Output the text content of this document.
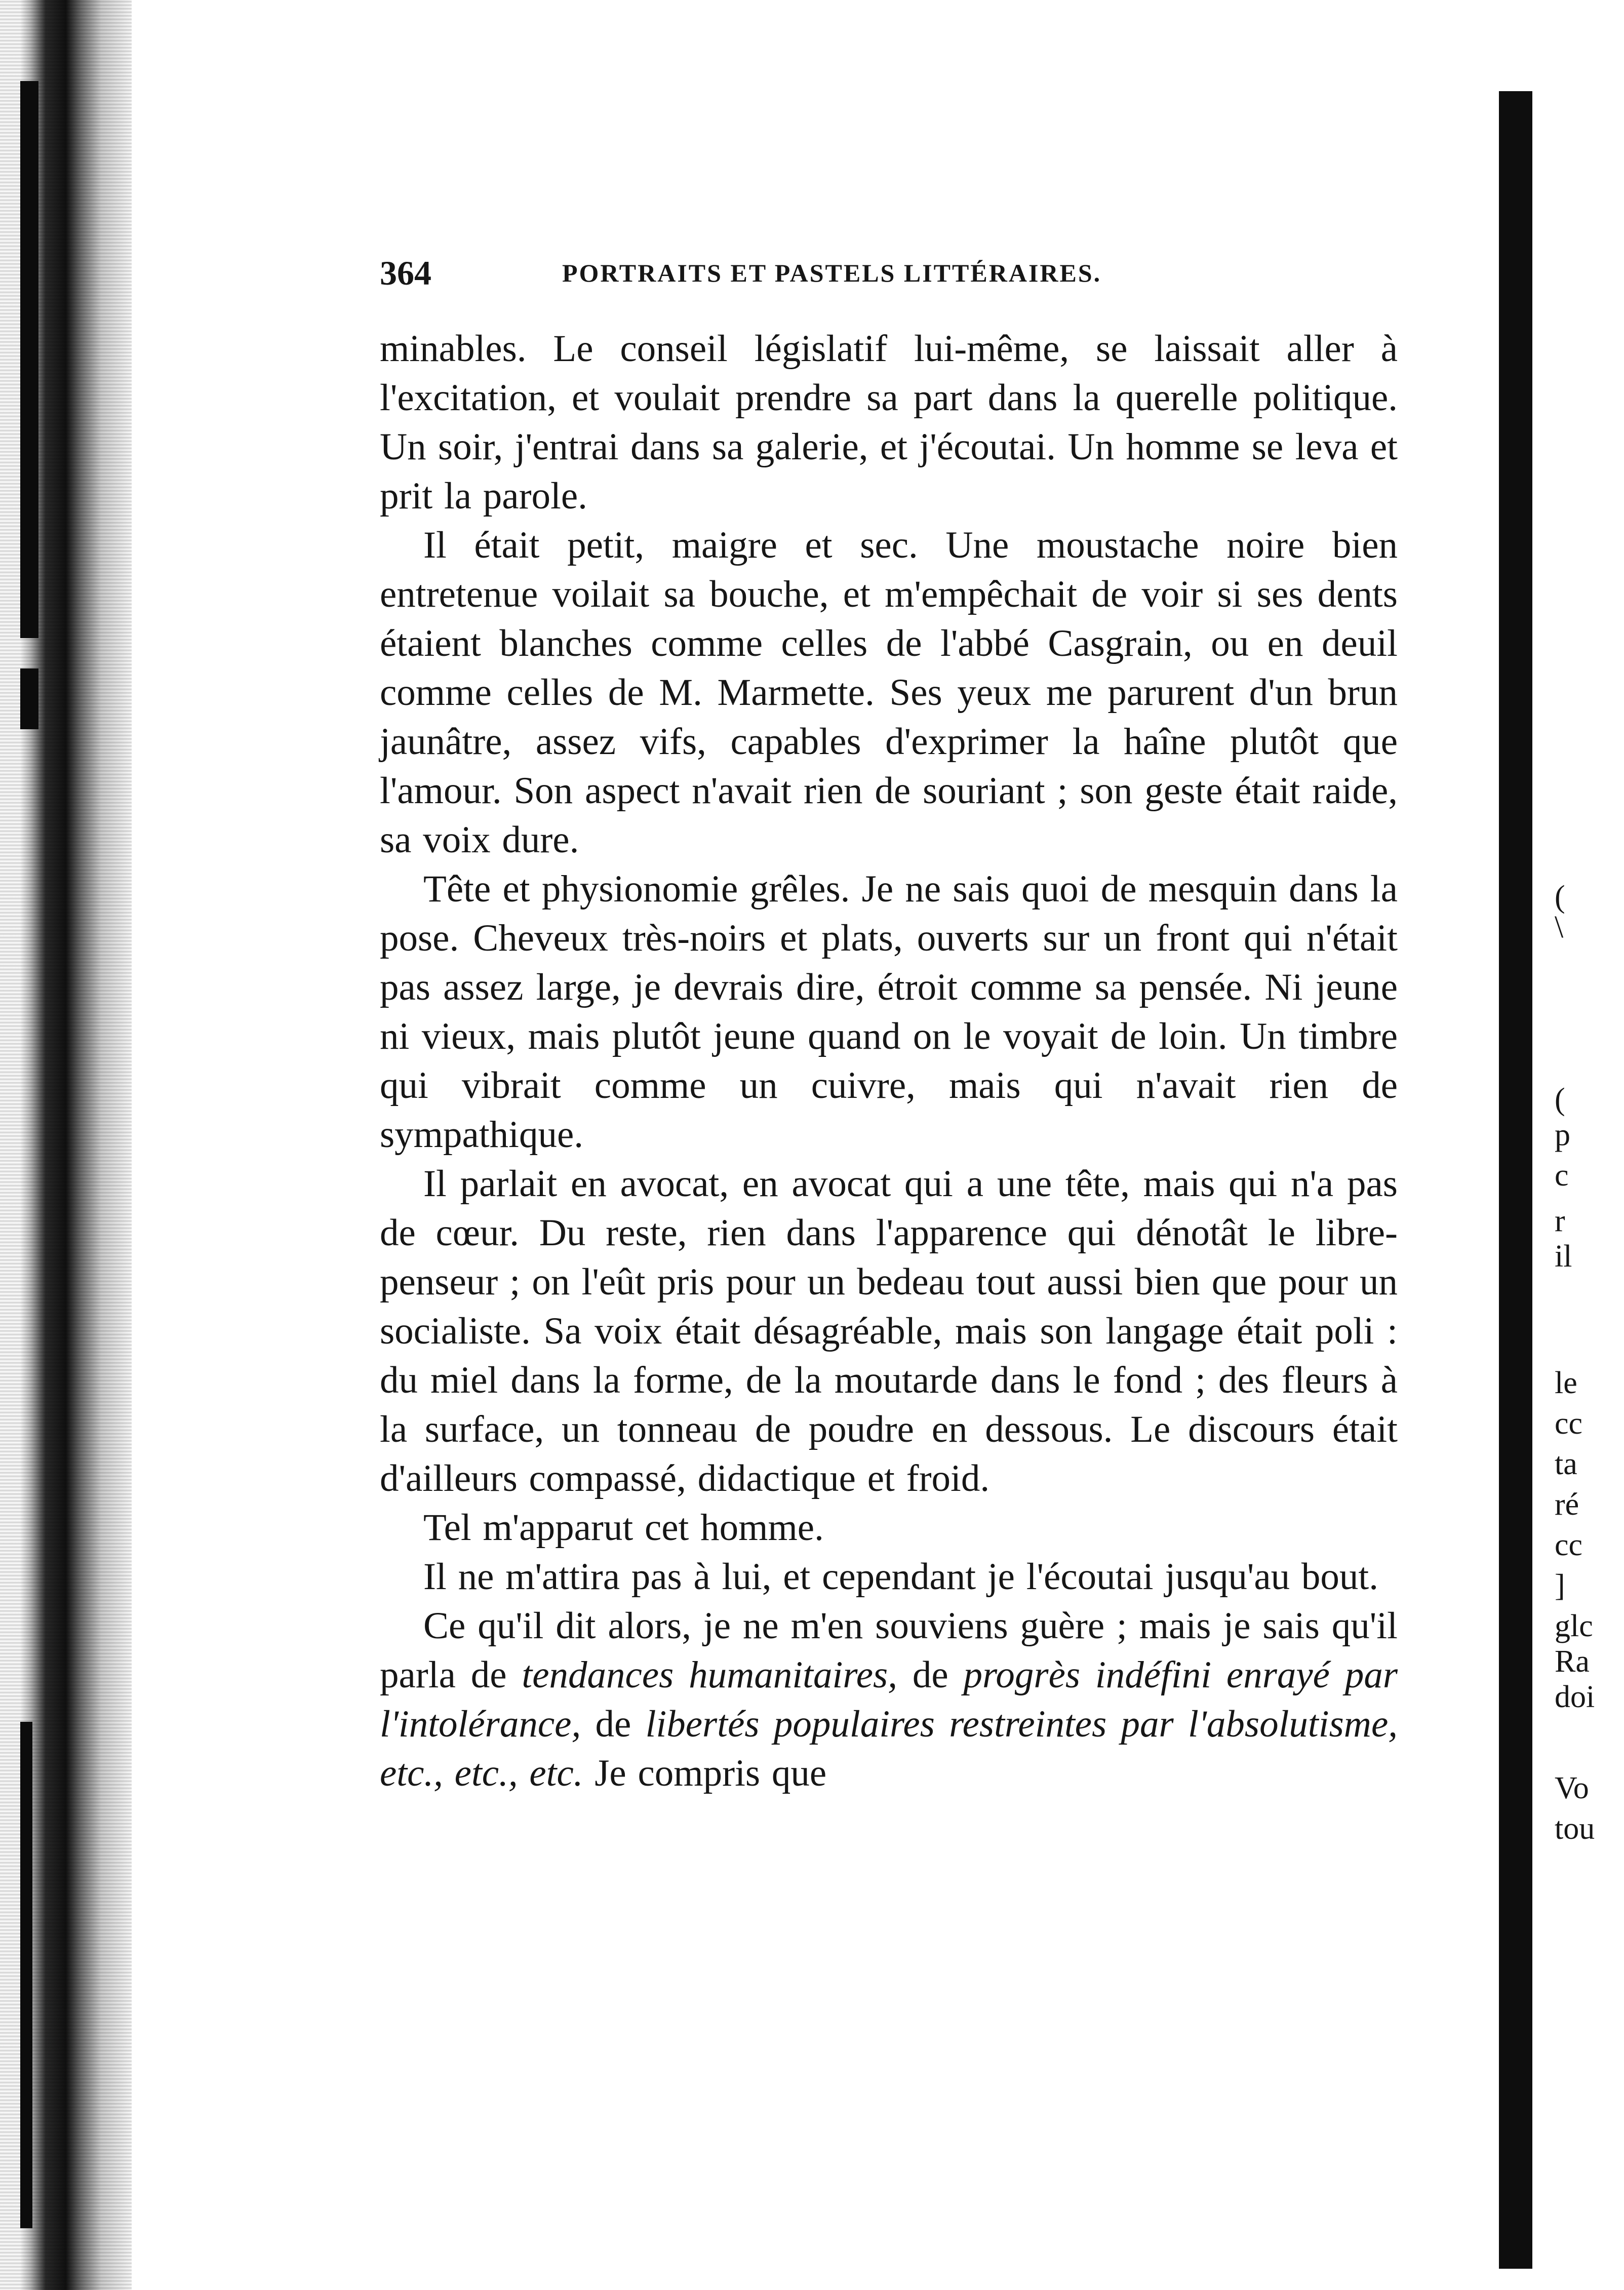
364	PORTRAITS ET PASTELS LITTÉRAIRES.

minables. Le conseil législatif lui-même, se laissait aller à l'excitation, et voulait prendre sa part dans la querelle politique. Un soir, j'entrai dans sa galerie, et j'écoutai. Un homme se leva et prit la parole.

Il était petit, maigre et sec. Une moustache noire bien entretenue voilait sa bouche, et m'empêchait de voir si ses dents étaient blanches comme celles de l'abbé Casgrain, ou en deuil comme celles de M. Marmette. Ses yeux me parurent d'un brun jaunâtre, assez vifs, capables d'exprimer la haîne plutôt que l'amour. Son aspect n'avait rien de souriant ; son geste était raide, sa voix dure.

Tête et physionomie grêles. Je ne sais quoi de mesquin dans la pose. Cheveux très-noirs et plats, ouverts sur un front qui n'était pas assez large, je devrais dire, étroit comme sa pensée. Ni jeune ni vieux, mais plutôt jeune quand on le voyait de loin. Un timbre qui vibrait comme un cuivre, mais qui n'avait rien de sympathique.

Il parlait en avocat, en avocat qui a une tête, mais qui n'a pas de cœur. Du reste, rien dans l'apparence qui dénotât le libre-penseur ; on l'eût pris pour un bedeau tout aussi bien que pour un socialiste. Sa voix était désagréable, mais son langage était poli : du miel dans la forme, de la moutarde dans le fond ; des fleurs à la surface, un tonneau de poudre en dessous. Le discours était d'ailleurs compassé, didactique et froid.

Tel m'apparut cet homme.

Il ne m'attira pas à lui, et cependant je l'écoutai jusqu'au bout.

Ce qu'il dit alors, je ne m'en souviens guère ; mais je sais qu'il parla de tendances humanitaires, de progrès indéfini enrayé par l'intolérance, de libertés populaires restreintes par l'absolutisme, etc., etc., etc. Je compris que

(
\
(
p
c
r
il
le
cc
ta
ré
cc
]
glc
Ra
doi
Vo
tou
